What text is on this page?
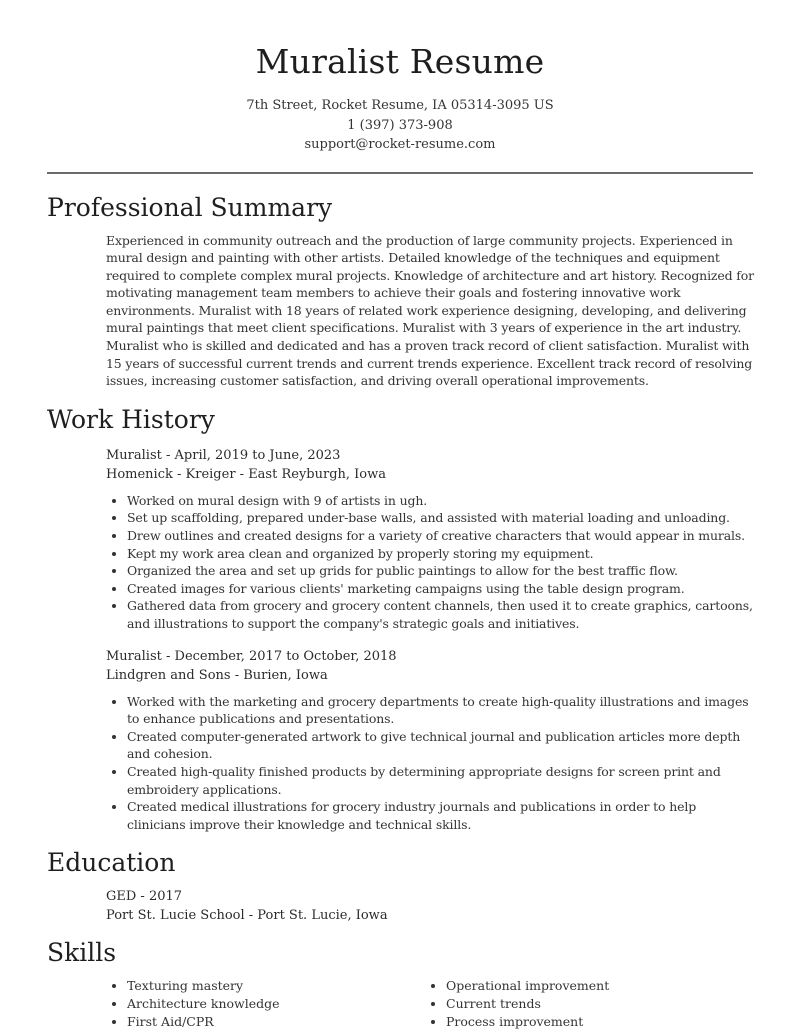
Muralist Resume
7th Street, Rocket Resume, IA 05314-3095 US
1 (397) 373-908
support@rocket-resume.com
Professional Summary

Experienced in community outreach and the production of large community projects. Experienced in mural design and painting with other artists. Detailed knowledge of the techniques and equipment required to complete complex mural projects. Knowledge of architecture and art history. Recognized for motivating management team members to achieve their goals and fostering innovative work environments. Muralist with 18 years of related work experience designing, developing, and delivering mural paintings that meet client specifications. Muralist with 3 years of experience in the art industry. Muralist who is skilled and dedicated and has a proven track record of client satisfaction. Muralist with 15 years of successful current trends and current trends experience. Excellent track record of resolving issues, increasing customer satisfaction, and driving overall operational improvements.

Work History
Muralist - April, 2019 to June, 2023
Homenick - Kreiger - East Reyburgh, Iowa
• Worked on mural design with 9 of artists in ugh.
• Set up scaffolding, prepared under-base walls, and assisted with material loading and unloading.
• Drew outlines and created designs for a variety of creative characters that would appear in murals.
• Kept my work area clean and organized by properly storing my equipment.
• Organized the area and set up grids for public paintings to allow for the best traffic flow.
• Created images for various clients' marketing campaigns using the table design program.
• Gathered data from grocery and grocery content channels, then used it to create graphics, cartoons, and illustrations to support the company's strategic goals and initiatives.
Muralist - December, 2017 to October, 2018
Lindgren and Sons - Burien, Iowa
• Worked with the marketing and grocery departments to create high-quality illustrations and images to enhance publications and presentations.
• Created computer-generated artwork to give technical journal and publication articles more depth and cohesion.
• Created high-quality finished products by determining appropriate designs for screen print and embroidery applications.
• Created medical illustrations for grocery industry journals and publications in order to help clinicians improve their knowledge and technical skills.
Education
GED - 2017
Port St. Lucie School - Port St. Lucie, Iowa
Skills
• Texturing mastery
• Architecture knowledge
• First Aid/CPR
• Operational improvement
• Current trends
• Process improvement
